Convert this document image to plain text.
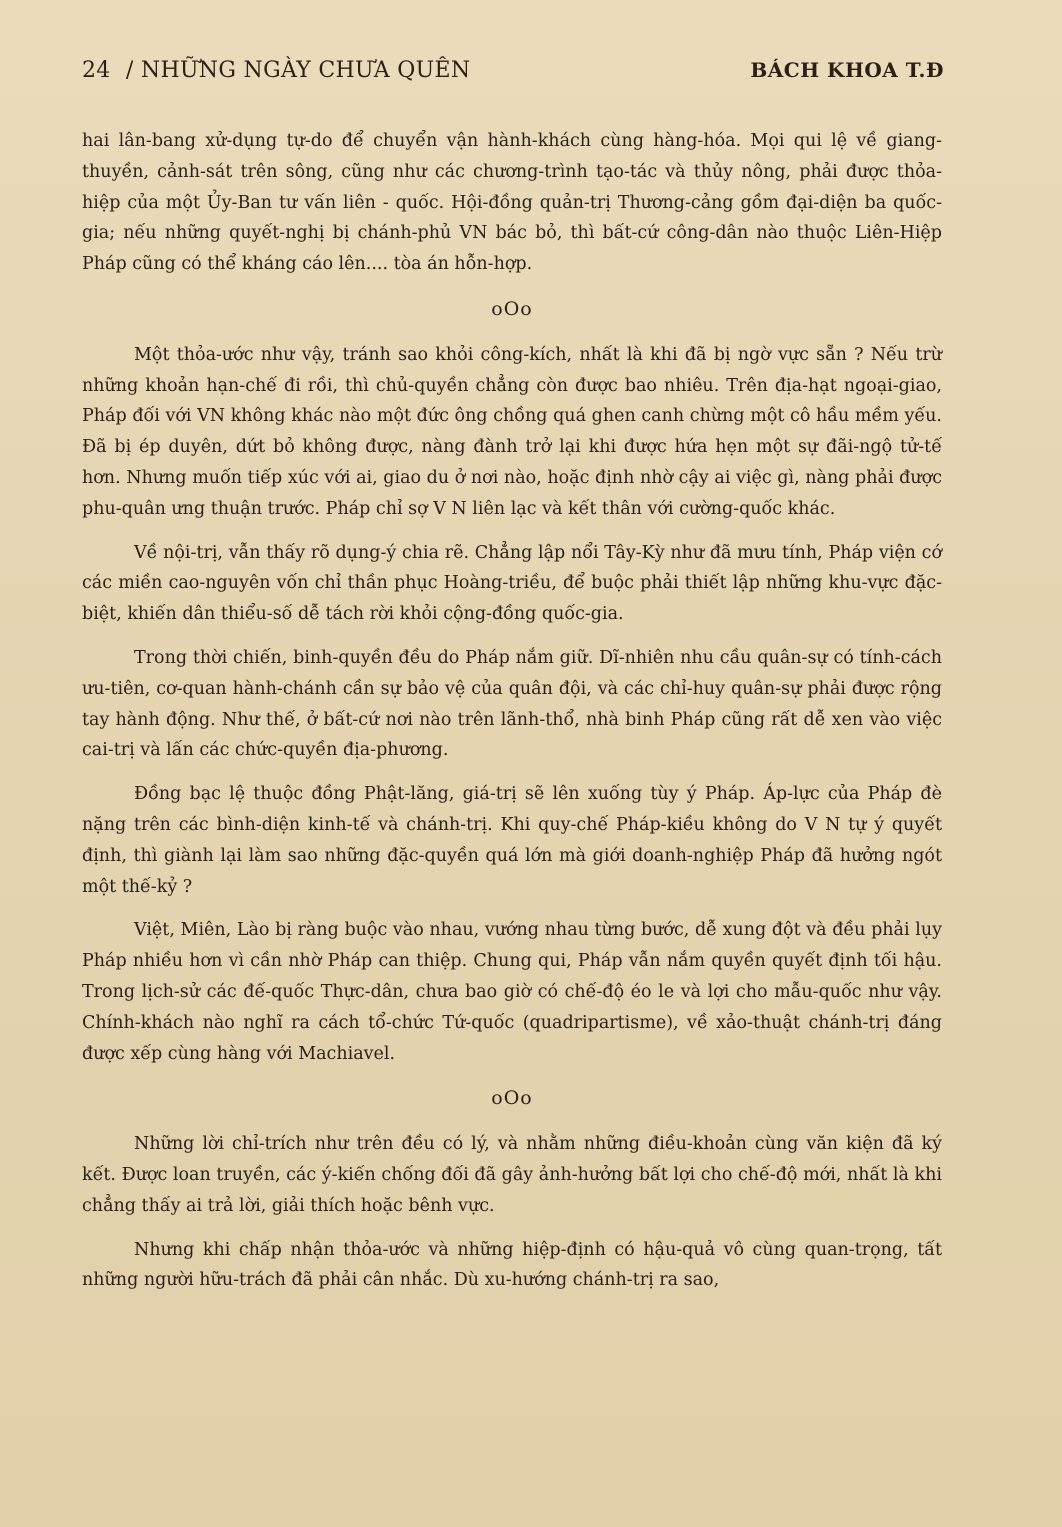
24 / NHỮNG NGÀY CHƯA QUÊN	BÁCH KHOA T.Đ

hai lân-bang xử-dụng tự-do để chuyển vận hành-khách cùng hàng-hóa. Mọi qui lệ về giang-thuyền, cảnh-sát trên sông, cũng như các chương-trình tạo-tác và thủy nông, phải được thỏa-hiệp của một Ủy-Ban tư vấn liên - quốc. Hội-đồng quản-trị Thương-cảng gồm đại-diện ba quốc-gia; nếu những quyết-nghị bị chánh-phủ VN bác bỏ, thì bất-cứ công-dân nào thuộc Liên-Hiệp Pháp cũng có thể kháng cáo lên.... tòa án hỗn-hợp.

oOo

Một thỏa-ước như vậy, tránh sao khỏi công-kích, nhất là khi đã bị ngờ vực sẵn ? Nếu trừ những khoản hạn-chế đi rồi, thì chủ-quyền chẳng còn được bao nhiêu. Trên địa-hạt ngoại-giao, Pháp đối với VN không khác nào một đức ông chồng quá ghen canh chừng một cô hầu mềm yếu. Đã bị ép duyên, dứt bỏ không được, nàng đành trở lại khi được hứa hẹn một sự đãi-ngộ tử-tế hơn. Nhưng muốn tiếp xúc với ai, giao du ở nơi nào, hoặc định nhờ cậy ai việc gì, nàng phải được phu-quân ưng thuận trước. Pháp chỉ sợ V N liên lạc và kết thân với cường-quốc khác.

Về nội-trị, vẫn thấy rõ dụng-ý chia rẽ. Chẳng lập nổi Tây-Kỳ như đã mưu tính, Pháp viện cớ các miền cao-nguyên vốn chỉ thần phục Hoàng-triều, để buộc phải thiết lập những khu-vực đặc-biệt, khiến dân thiểu-số dễ tách rời khỏi cộng-đồng quốc-gia.

Trong thời chiến, binh-quyền đều do Pháp nắm giữ. Dĩ-nhiên nhu cầu quân-sự có tính-cách ưu-tiên, cơ-quan hành-chánh cần sự bảo vệ của quân đội, và các chỉ-huy quân-sự phải được rộng tay hành động. Như thế, ở bất-cứ nơi nào trên lãnh-thổ, nhà binh Pháp cũng rất dễ xen vào việc cai-trị và lấn các chức-quyền địa-phương.

Đồng bạc lệ thuộc đồng Phật-lăng, giá-trị sẽ lên xuống tùy ý Pháp. Áp-lực của Pháp đè nặng trên các bình-diện kinh-tế và chánh-trị. Khi quy-chế Pháp-kiều không do V N tự ý quyết định, thì giành lại làm sao những đặc-quyền quá lớn mà giới doanh-nghiệp Pháp đã hưởng ngót một thế-kỷ ?

Việt, Miên, Lào bị ràng buộc vào nhau, vướng nhau từng bước, dễ xung đột và đều phải lụy Pháp nhiều hơn vì cần nhờ Pháp can thiệp. Chung qui, Pháp vẫn nắm quyền quyết định tối hậu. Trong lịch-sử các đế-quốc Thực-dân, chưa bao giờ có chế-độ éo le và lợi cho mẫu-quốc như vậy. Chính-khách nào nghĩ ra cách tổ-chức Tứ-quốc (quadripartisme), về xảo-thuật chánh-trị đáng được xếp cùng hàng với Machiavel.

oOo

Những lời chỉ-trích như trên đều có lý, và nhằm những điều-khoản cùng văn kiện đã ký kết. Được loan truyền, các ý-kiến chống đối đã gây ảnh-hưởng bất lợi cho chế-độ mới, nhất là khi chẳng thấy ai trả lời, giải thích hoặc bênh vực.

Nhưng khi chấp nhận thỏa-ước và những hiệp-định có hậu-quả vô cùng quan-trọng, tất những người hữu-trách đã phải cân nhắc. Dù xu-hướng chánh-trị ra sao,
